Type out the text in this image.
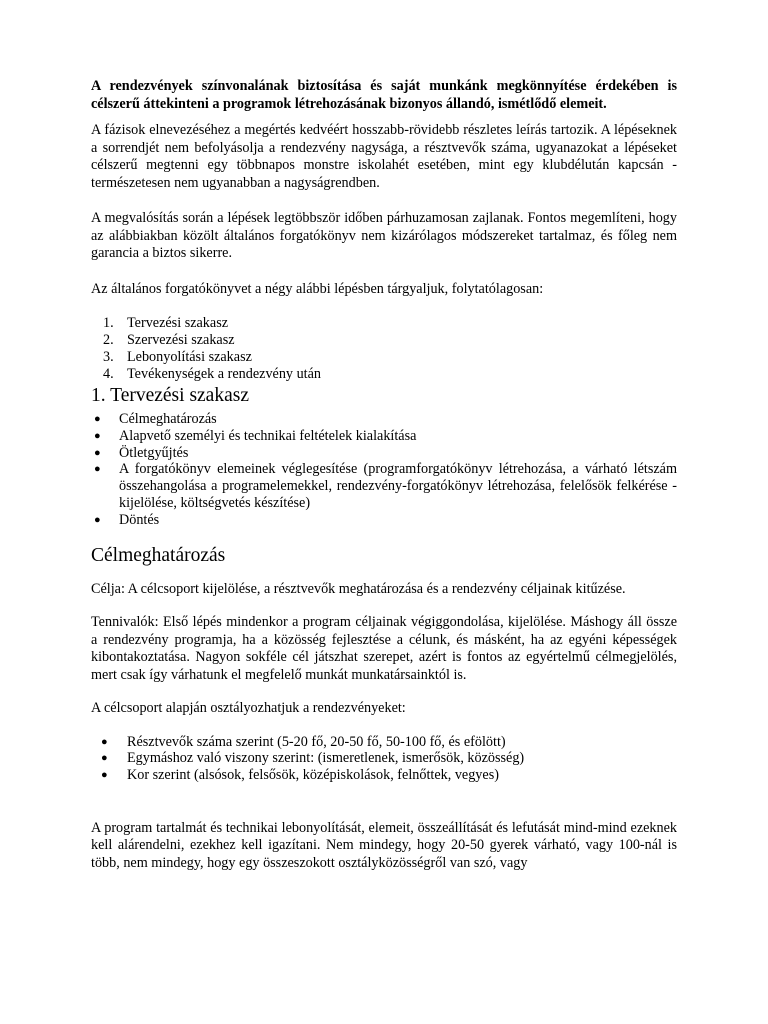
A rendezvények színvonalának biztosítása és saját munkánk megkönnyítése érdekében is célszerű áttekinteni a programok létrehozásának bizonyos állandó, ismétlődő elemeit.

A fázisok elnevezéséhez a megértés kedvéért hosszabb-rövidebb részletes leírás tartozik. A lépéseknek a sorrendjét nem befolyásolja a rendezvény nagysága, a résztvevők száma, ugyanazokat a lépéseket célszerű megtenni egy többnapos monstre iskolahét esetében, mint egy klubdélután kapcsán - természetesen nem ugyanabban a nagyságrendben.

A megvalósítás során a lépések legtöbbször időben párhuzamosan zajlanak. Fontos megemlíteni, hogy az alábbiakban közölt általános forgatókönyv nem kizárólagos módszereket tartalmaz, és főleg nem garancia a biztos sikerre.

Az általános forgatókönyvet a négy alábbi lépésben tárgyaljuk, folytatólagosan:

1. Tervezési szakasz
2. Szervezési szakasz
3. Lebonyolítási szakasz
4. Tevékenységek a rendezvény után
1. Tervezési szakasz
● Célmeghatározás
● Alapvető személyi és technikai feltételek kialakítása
● Ötletgyűjtés
● A forgatókönyv elemeinek véglegesítése (programforgatókönyv létrehozása, a várható létszám összehangolása a programelemekkel, rendezvény-forgatókönyv létrehozása, felelősök felkérése - kijelölése, költségvetés készítése)
● Döntés
Célmeghatározás

Célja: A célcsoport kijelölése, a résztvevők meghatározása és a rendezvény céljainak kitűzése.

Tennivalók: Első lépés mindenkor a program céljainak végiggondolása, kijelölése. Máshogy áll össze a rendezvény programja, ha a közösség fejlesztése a célunk, és másként, ha az egyéni képességek kibontakoztatása. Nagyon sokféle cél játszhat szerepet, azért is fontos az egyértelmű célmegjelölés, mert csak így várhatunk el megfelelő munkát munkatársainktól is.

A célcsoport alapján osztályozhatjuk a rendezvényeket:

● Résztvevők száma szerint (5-20 fő, 20-50 fő, 50-100 fő, és efölött)
● Egymáshoz való viszony szerint: (ismeretlenek, ismerősök, közösség)
● Kor szerint (alsósok, felsősök, középiskolások, felnőttek, vegyes)

A program tartalmát és technikai lebonyolítását, elemeit, összeállítását és lefutását mind-mind ezeknek kell alárendelni, ezekhez kell igazítani. Nem mindegy, hogy 20-50 gyerek várható, vagy 100-nál is több, nem mindegy, hogy egy összeszokott osztályközösségről van szó, vagy
